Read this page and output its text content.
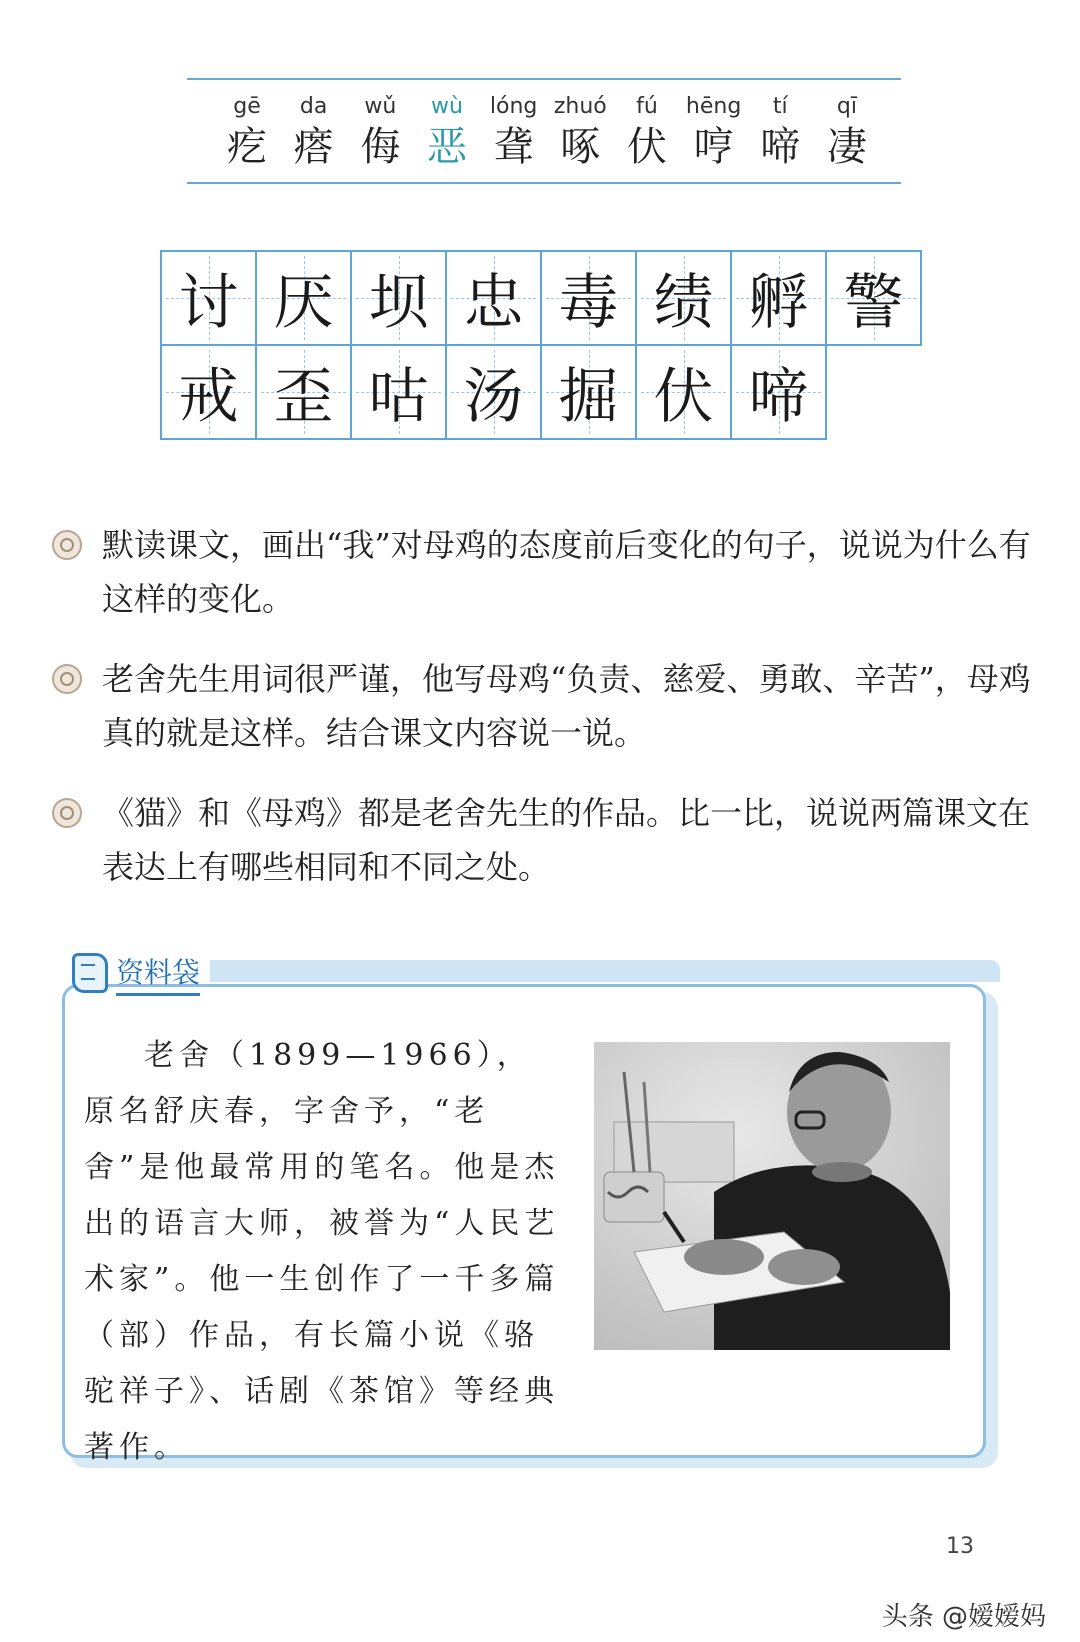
gē
疙
da
瘩
wǔ
侮
wù
恶
lóng
聋
zhuó
啄
fú
伏
hēng
哼
tí
啼
qī
凄
讨 厌 坝 忠 毒 绩 孵 警
戒 歪 咕 汤 掘 伏 啼
默读课文，画出“我”对母鸡的态度前后变化的句子，说说为什么有这样的变化。
老舍先生用词很严谨，他写母鸡“负责、慈爱、勇敢、辛苦”，母鸡真的就是这样。结合课文内容说一说。
《猫》和《母鸡》都是老舍先生的作品。比一比，说说两篇课文在表达上有哪些相同和不同之处。
资料袋

老舍（1899—1966），原名舒庆春，字舍予，“老舍”是他最常用的笔名。他是杰出的语言大师，被誉为“人民艺术家”。他一生创作了一千多篇（部）作品，有长篇小说《骆驼祥子》、话剧《茶馆》等经典著作。

13
头条 @嫒嫒妈
